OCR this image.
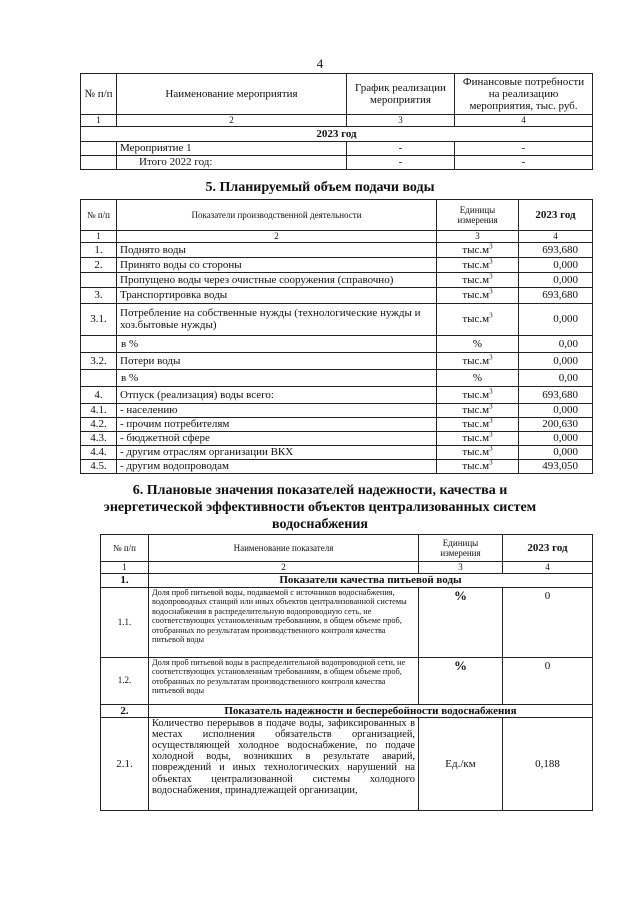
4
№ п/п	Наименование мероприятия	График реализации мероприятия	Финансовые потребности на реализацию мероприятия, тыс. руб.
1	2	3	4
2023 год			
	Мероприятие 1	-	-
	Итого 2022 год:	-	-
5. Планируемый объем подачи воды
№ п/п	Показатели производственной деятельности	Единицы измерения	2023 год
1	2	3	4
1.	Поднято воды	$тыс.м^3$	693,680
2.	Принято воды со стороны	$тыс.м^3$	0,000
	Пропущено воды через очистные сооружения (справочно)	$тыс.м^3$	0,000
3.	Транспортировка воды	$тыс.м^3$	693,680
3.1.	Потребление на собственные нужды (технологические нужды и хоз.бытовые нужды)	$тыс.м^3$	0,000
	в %	%	0,00
3.2.	Потери воды	$тыс.м^3$	0,000
	в %	%	0,00
4.	Отпуск (реализация) воды всего:	$тыс.м^3$	693,680
4.1.	- населению	$тыс.м^3$	0,000
4.2.	- прочим потребителям	$тыс.м^3$	200,630
4.3.	- бюджетной сфере	$тыс.м^3$	0,000
4.4.	- другим отраслям организации ВКХ	$тыс.м^3$	0,000
4.5.	- другим водопроводам	$тыс.м^3$	493,050
6. Плановые значения показателей надежности, качества и
энергетической эффективности объектов централизованных систем
водоснабжения
№ п/п	Наименование показателя	Единицы измерения	2023 год
1	2	3	4
1.	Показатели качества питьевой воды		
1.1.	Доля проб питьевой воды, подаваемой с источников водоснабжения, водопроводных станций или иных объектов централизованной системы водоснабжения в распределительную водопроводную сеть, не соответствующих установленным требованиям, в общем объеме проб, отобранных по результатам производственного контроля качества питьевой воды	%	0
1.2.	Доля проб питьевой воды в распределительной водопроводной сети, не соответствующих установленным требованиям, в общем объеме проб, отобранных по результатам производственного контроля качества питьевой воды	%	0
2.	Показатель надежности и бесперебойности водоснабжения		
2.1.	Количество перерывов в подаче воды, зафиксированных в местах исполнения обязательств организацией, осуществляющей холодное водоснабжение, по подаче холодной воды, возникших в результате аварий, повреждений и иных технологических нарушений на объектах централизованной системы холодного водоснабжения, принадлежащей организации,	Ед./км	0,188
